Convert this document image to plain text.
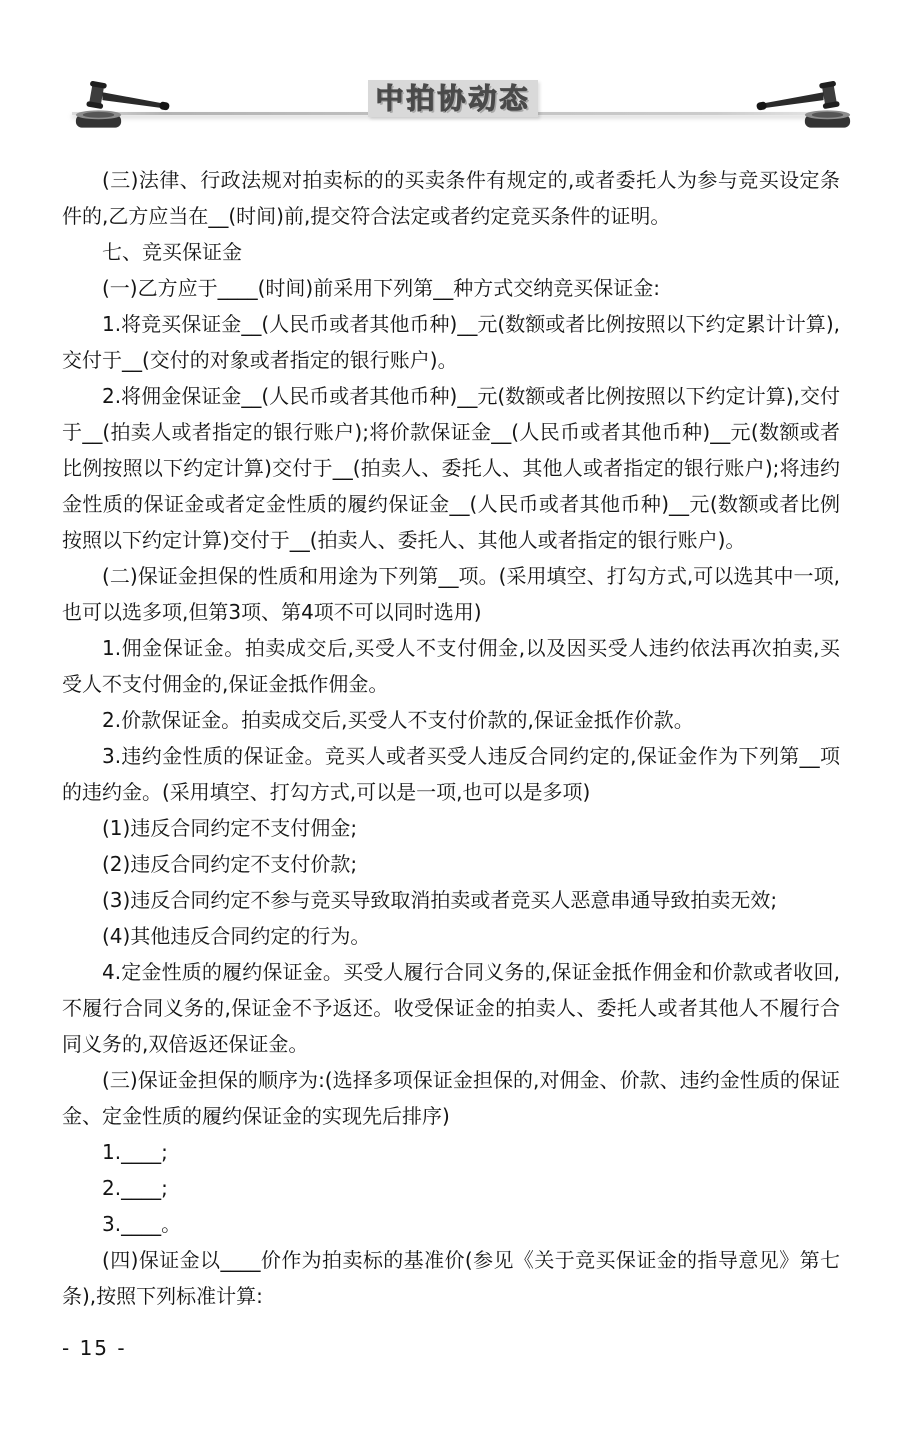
中拍协动态

(三)法律、行政法规对拍卖标的的买卖条件有规定的,或者委托人为参与竞买设定条件的,乙方应当在__(时间)前,提交符合法定或者约定竞买条件的证明。

七、竞买保证金

(一)乙方应于____(时间)前采用下列第__种方式交纳竞买保证金:

1.将竞买保证金__(人民币或者其他币种)__元(数额或者比例按照以下约定累计计算),交付于__(交付的对象或者指定的银行账户)。

2.将佣金保证金__(人民币或者其他币种)__元(数额或者比例按照以下约定计算),交付于__(拍卖人或者指定的银行账户);将价款保证金__(人民币或者其他币种)__元(数额或者比例按照以下约定计算)交付于__(拍卖人、委托人、其他人或者指定的银行账户);将违约金性质的保证金或者定金性质的履约保证金__(人民币或者其他币种)__元(数额或者比例按照以下约定计算)交付于__(拍卖人、委托人、其他人或者指定的银行账户)。

(二)保证金担保的性质和用途为下列第__项。(采用填空、打勾方式,可以选其中一项,也可以选多项,但第3项、第4项不可以同时选用)

1.佣金保证金。拍卖成交后,买受人不支付佣金,以及因买受人违约依法再次拍卖,买受人不支付佣金的,保证金抵作佣金。

2.价款保证金。拍卖成交后,买受人不支付价款的,保证金抵作价款。

3.违约金性质的保证金。竞买人或者买受人违反合同约定的,保证金作为下列第__项的违约金。(采用填空、打勾方式,可以是一项,也可以是多项)

(1)违反合同约定不支付佣金;

(2)违反合同约定不支付价款;

(3)违反合同约定不参与竞买导致取消拍卖或者竞买人恶意串通导致拍卖无效;

(4)其他违反合同约定的行为。

4.定金性质的履约保证金。买受人履行合同义务的,保证金抵作佣金和价款或者收回,不履行合同义务的,保证金不予返还。收受保证金的拍卖人、委托人或者其他人不履行合同义务的,双倍返还保证金。

(三)保证金担保的顺序为:(选择多项保证金担保的,对佣金、价款、违约金性质的保证金、定金性质的履约保证金的实现先后排序)

1.____;

2.____;

3.____。

(四)保证金以____价作为拍卖标的基准价(参见《关于竞买保证金的指导意见》第七条),按照下列标准计算:

- 15 -
